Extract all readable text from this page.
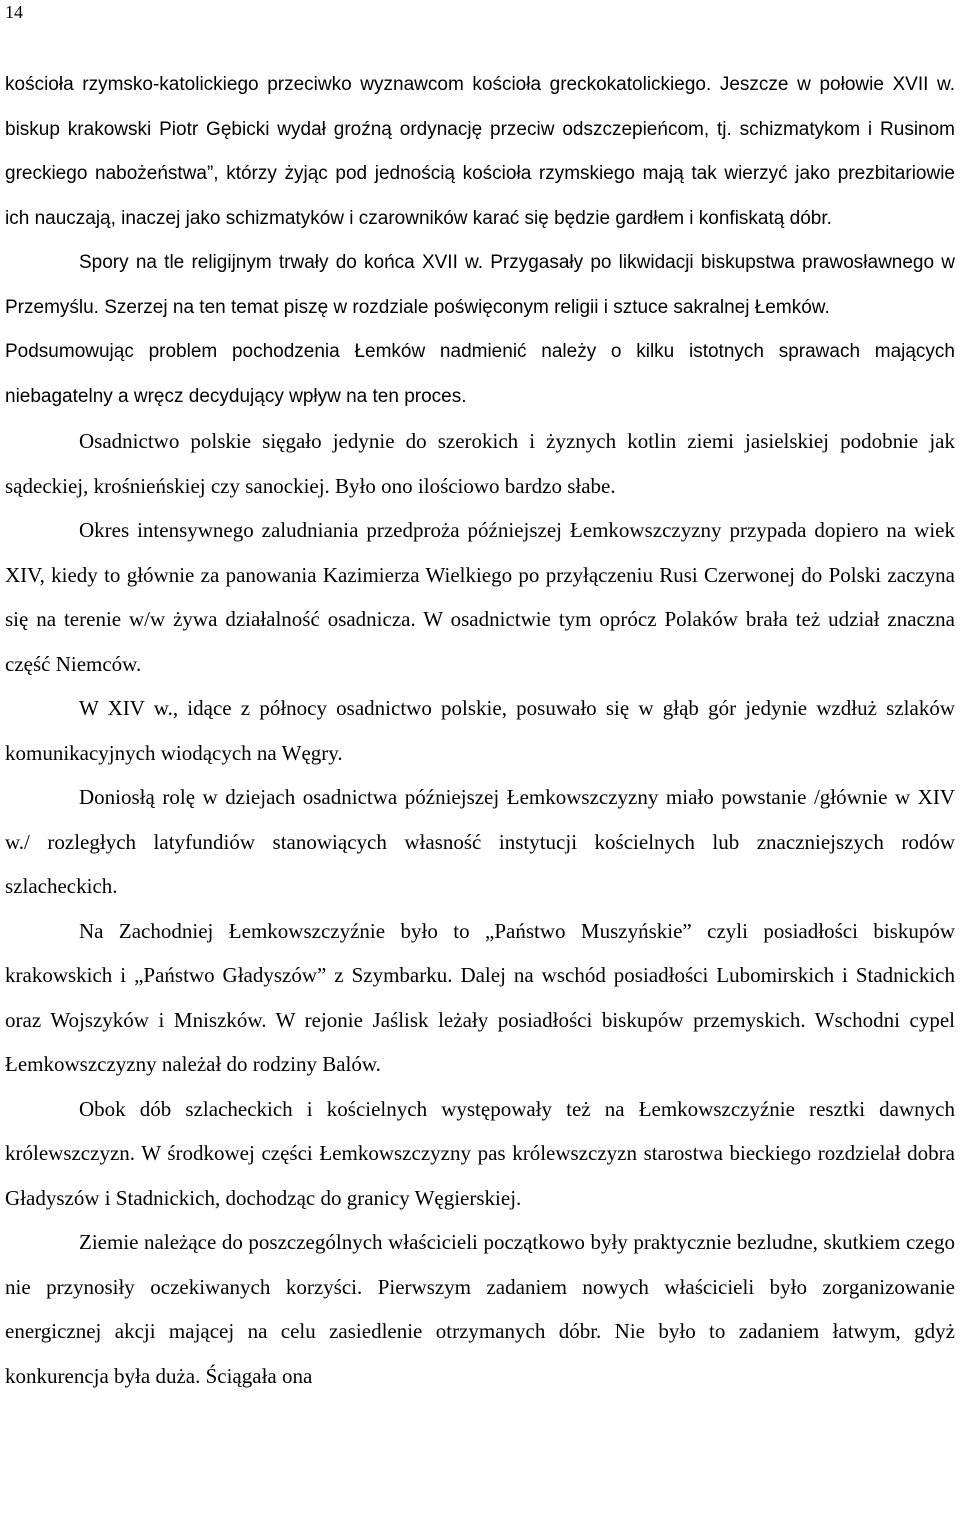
14

kościoła rzymsko-katolickiego przeciwko wyznawcom kościoła greckokatolickiego. Jeszcze w połowie XVII w. biskup krakowski Piotr Gębicki wydał groźną ordynację przeciw odszczepieńcom, tj. schizmatykom i Rusinom greckiego nabożeństwa”, którzy żyjąc pod jednością kościoła rzymskiego mają tak wierzyć jako prezbitariowie ich nauczają, inaczej jako schizmatyków i czarowników karać się będzie gardłem i konfiskatą dóbr.

Spory na tle religijnym trwały do końca XVII w. Przygasały po likwidacji biskupstwa prawosławnego w Przemyślu. Szerzej na ten temat piszę w rozdziale poświęconym religii i sztuce sakralnej Łemków.

Podsumowując problem pochodzenia Łemków nadmienić należy o kilku istotnych sprawach mających niebagatelny a wręcz decydujący wpływ na ten proces.

Osadnictwo polskie sięgało jedynie do szerokich i żyznych kotlin ziemi jasielskiej podobnie jak sądeckiej, krośnieńskiej czy sanockiej. Było ono ilościowo bardzo słabe.

Okres intensywnego zaludniania przedproża późniejszej Łemkowszczyzny przypada dopiero na wiek XIV, kiedy to głównie za panowania Kazimierza Wielkiego po przyłączeniu Rusi Czerwonej do Polski zaczyna się na terenie w/w żywa działalność osadnicza. W osadnictwie tym oprócz Polaków brała też udział znaczna część Niemców.

W XIV w., idące z północy osadnictwo polskie, posuwało się w głąb gór jedynie wzdłuż szlaków komunikacyjnych wiodących na Węgry.

Doniosłą rolę w dziejach osadnictwa późniejszej Łemkowszczyzny miało powstanie /głównie w XIV w./ rozległych latyfundiów stanowiących własność instytucji kościelnych lub znaczniejszych rodów szlacheckich.

Na Zachodniej Łemkowszczyźnie było to „Państwo Muszyńskie” czyli posiadłości biskupów krakowskich i „Państwo Gładyszów” z Szymbarku. Dalej na wschód posiadłości Lubomirskich i Stadnickich oraz Wojszyków i Mniszków. W rejonie Jaślisk leżały posiadłości biskupów przemyskich. Wschodni cypel Łemkowszczyzny należał do rodziny Balów.

Obok dób szlacheckich i kościelnych występowały też na Łemkowszczyźnie resztki dawnych królewszczyzn. W środkowej części Łemkowszczyzny pas królewszczyzn starostwa bieckiego rozdzielał dobra Gładyszów i Stadnickich, dochodząc do granicy Węgierskiej.

Ziemie należące do poszczególnych właścicieli początkowo były praktycznie bezludne, skutkiem czego nie przynosiły oczekiwanych korzyści. Pierwszym zadaniem nowych właścicieli było zorganizowanie energicznej akcji mającej na celu zasiedlenie otrzymanych dóbr. Nie było to zadaniem łatwym, gdyż konkurencja była duża. Ściągała ona
